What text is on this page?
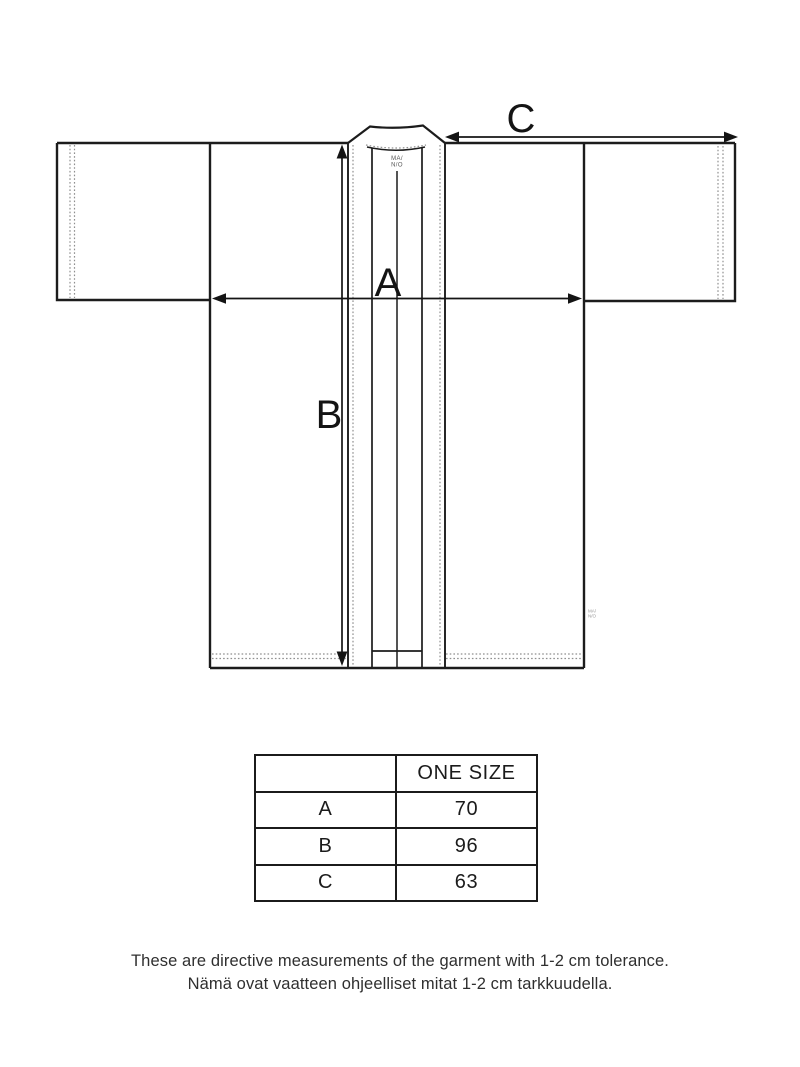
A
B
C
MA/
N/O
MA/
N/O
	ONE SIZE
A	70
B	96
C	63
These are directive measurements of the garment with 1-2 cm tolerance.
Nämä ovat vaatteen ohjeelliset mitat 1-2 cm tarkkuudella.
